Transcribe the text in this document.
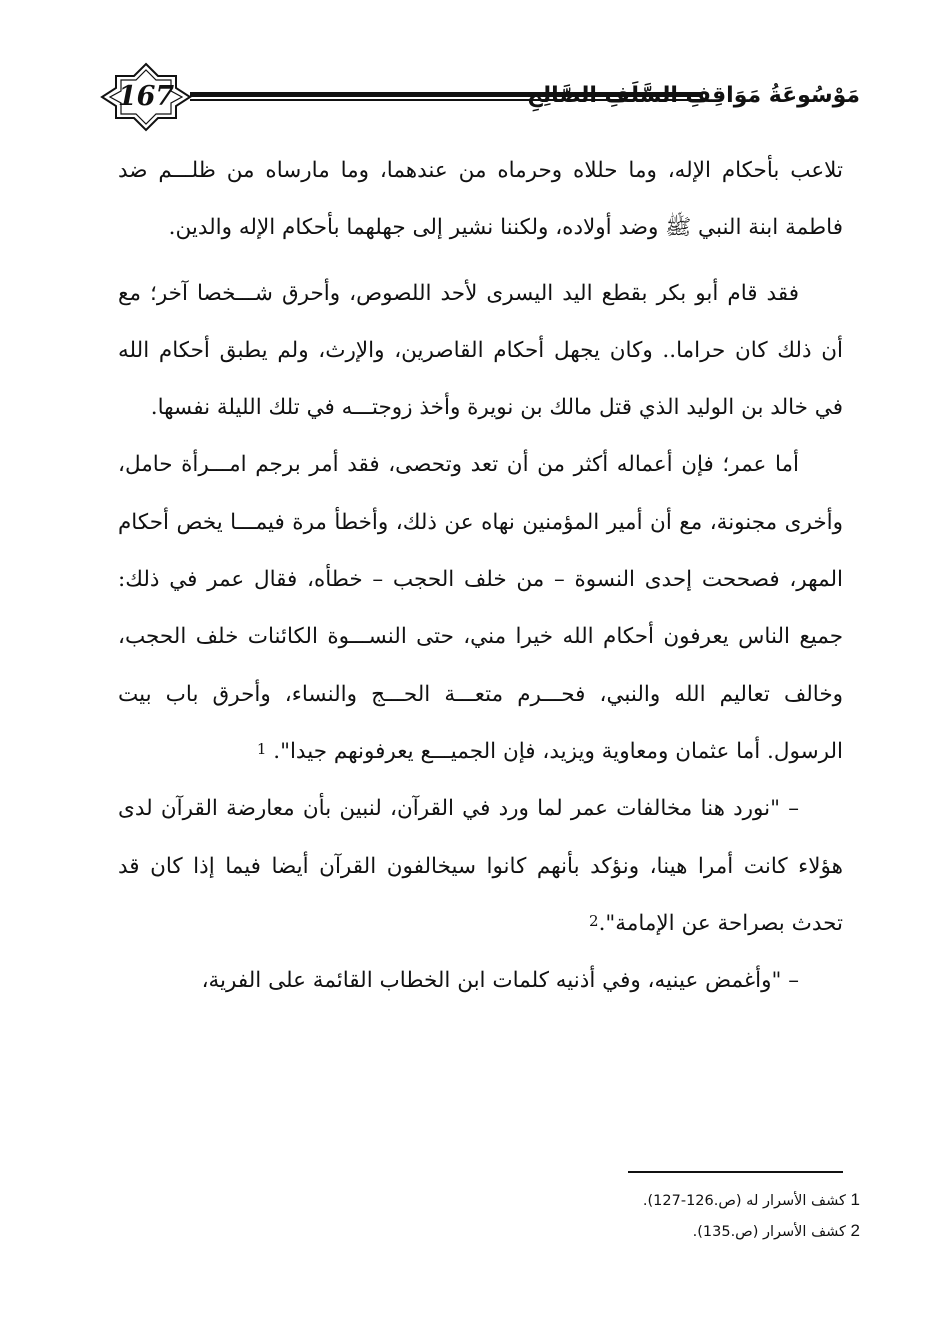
167	مَوْسُوعَةُ مَوَاقِفِ السَّلَفِ الصَّالِحِ

تلاعب بأحكام الإله، وما حللاه وحرماه من عندهما، وما مارساه من ظلـــم ضد فاطمة ابنة النبي ﷺ وضد أولاده، ولكننا نشير إلى جهلهما بأحكام الإله والدين.

فقد قام أبو بكر بقطع اليد اليسرى لأحد اللصوص، وأحرق شـــخصا آخر؛ مع أن ذلك كان حراما.. وكان يجهل أحكام القاصرين، والإرث، ولم يطبق أحكام الله في خالد بن الوليد الذي قتل مالك بن نويرة وأخذ زوجتـــه في تلك الليلة نفسها.

أما عمر؛ فإن أعماله أكثر من أن تعد وتحصى، فقد أمر برجم امـــرأة حامل، وأخرى مجنونة، مع أن أمير المؤمنين نهاه عن ذلك، وأخطأ مرة فيمـــا يخص أحكام المهر، فصححت إحدى النسوة – من خلف الحجب – خطأه، فقال عمر في ذلك: جميع الناس يعرفون أحكام الله خيرا مني، حتى النســـوة الكائنات خلف الحجب، وخالف تعاليم الله والنبي، فحـــرم متعـــة الحـــج والنساء، وأحرق باب بيت الرسول. أما عثمان ومعاوية ويزيد، فإن الجميـــع يعرفونهم جيدا". $^1$

– "نورد هنا مخالفات عمر لما ورد في القرآن، لنبين بأن معارضة القرآن لدى هؤلاء كانت أمرا هينا، ونؤكد بأنهم كانوا سيخالفون القرآن أيضا فيما إذا كان قد تحدث بصراحة عن الإمامة".$^2$

– "وأغمض عينيه، وفي أذنيه كلمات ابن الخطاب القائمة على الفرية،

1 كشف الأسرار له (ص.126-127).

2 كشف الأسرار (ص.135).
